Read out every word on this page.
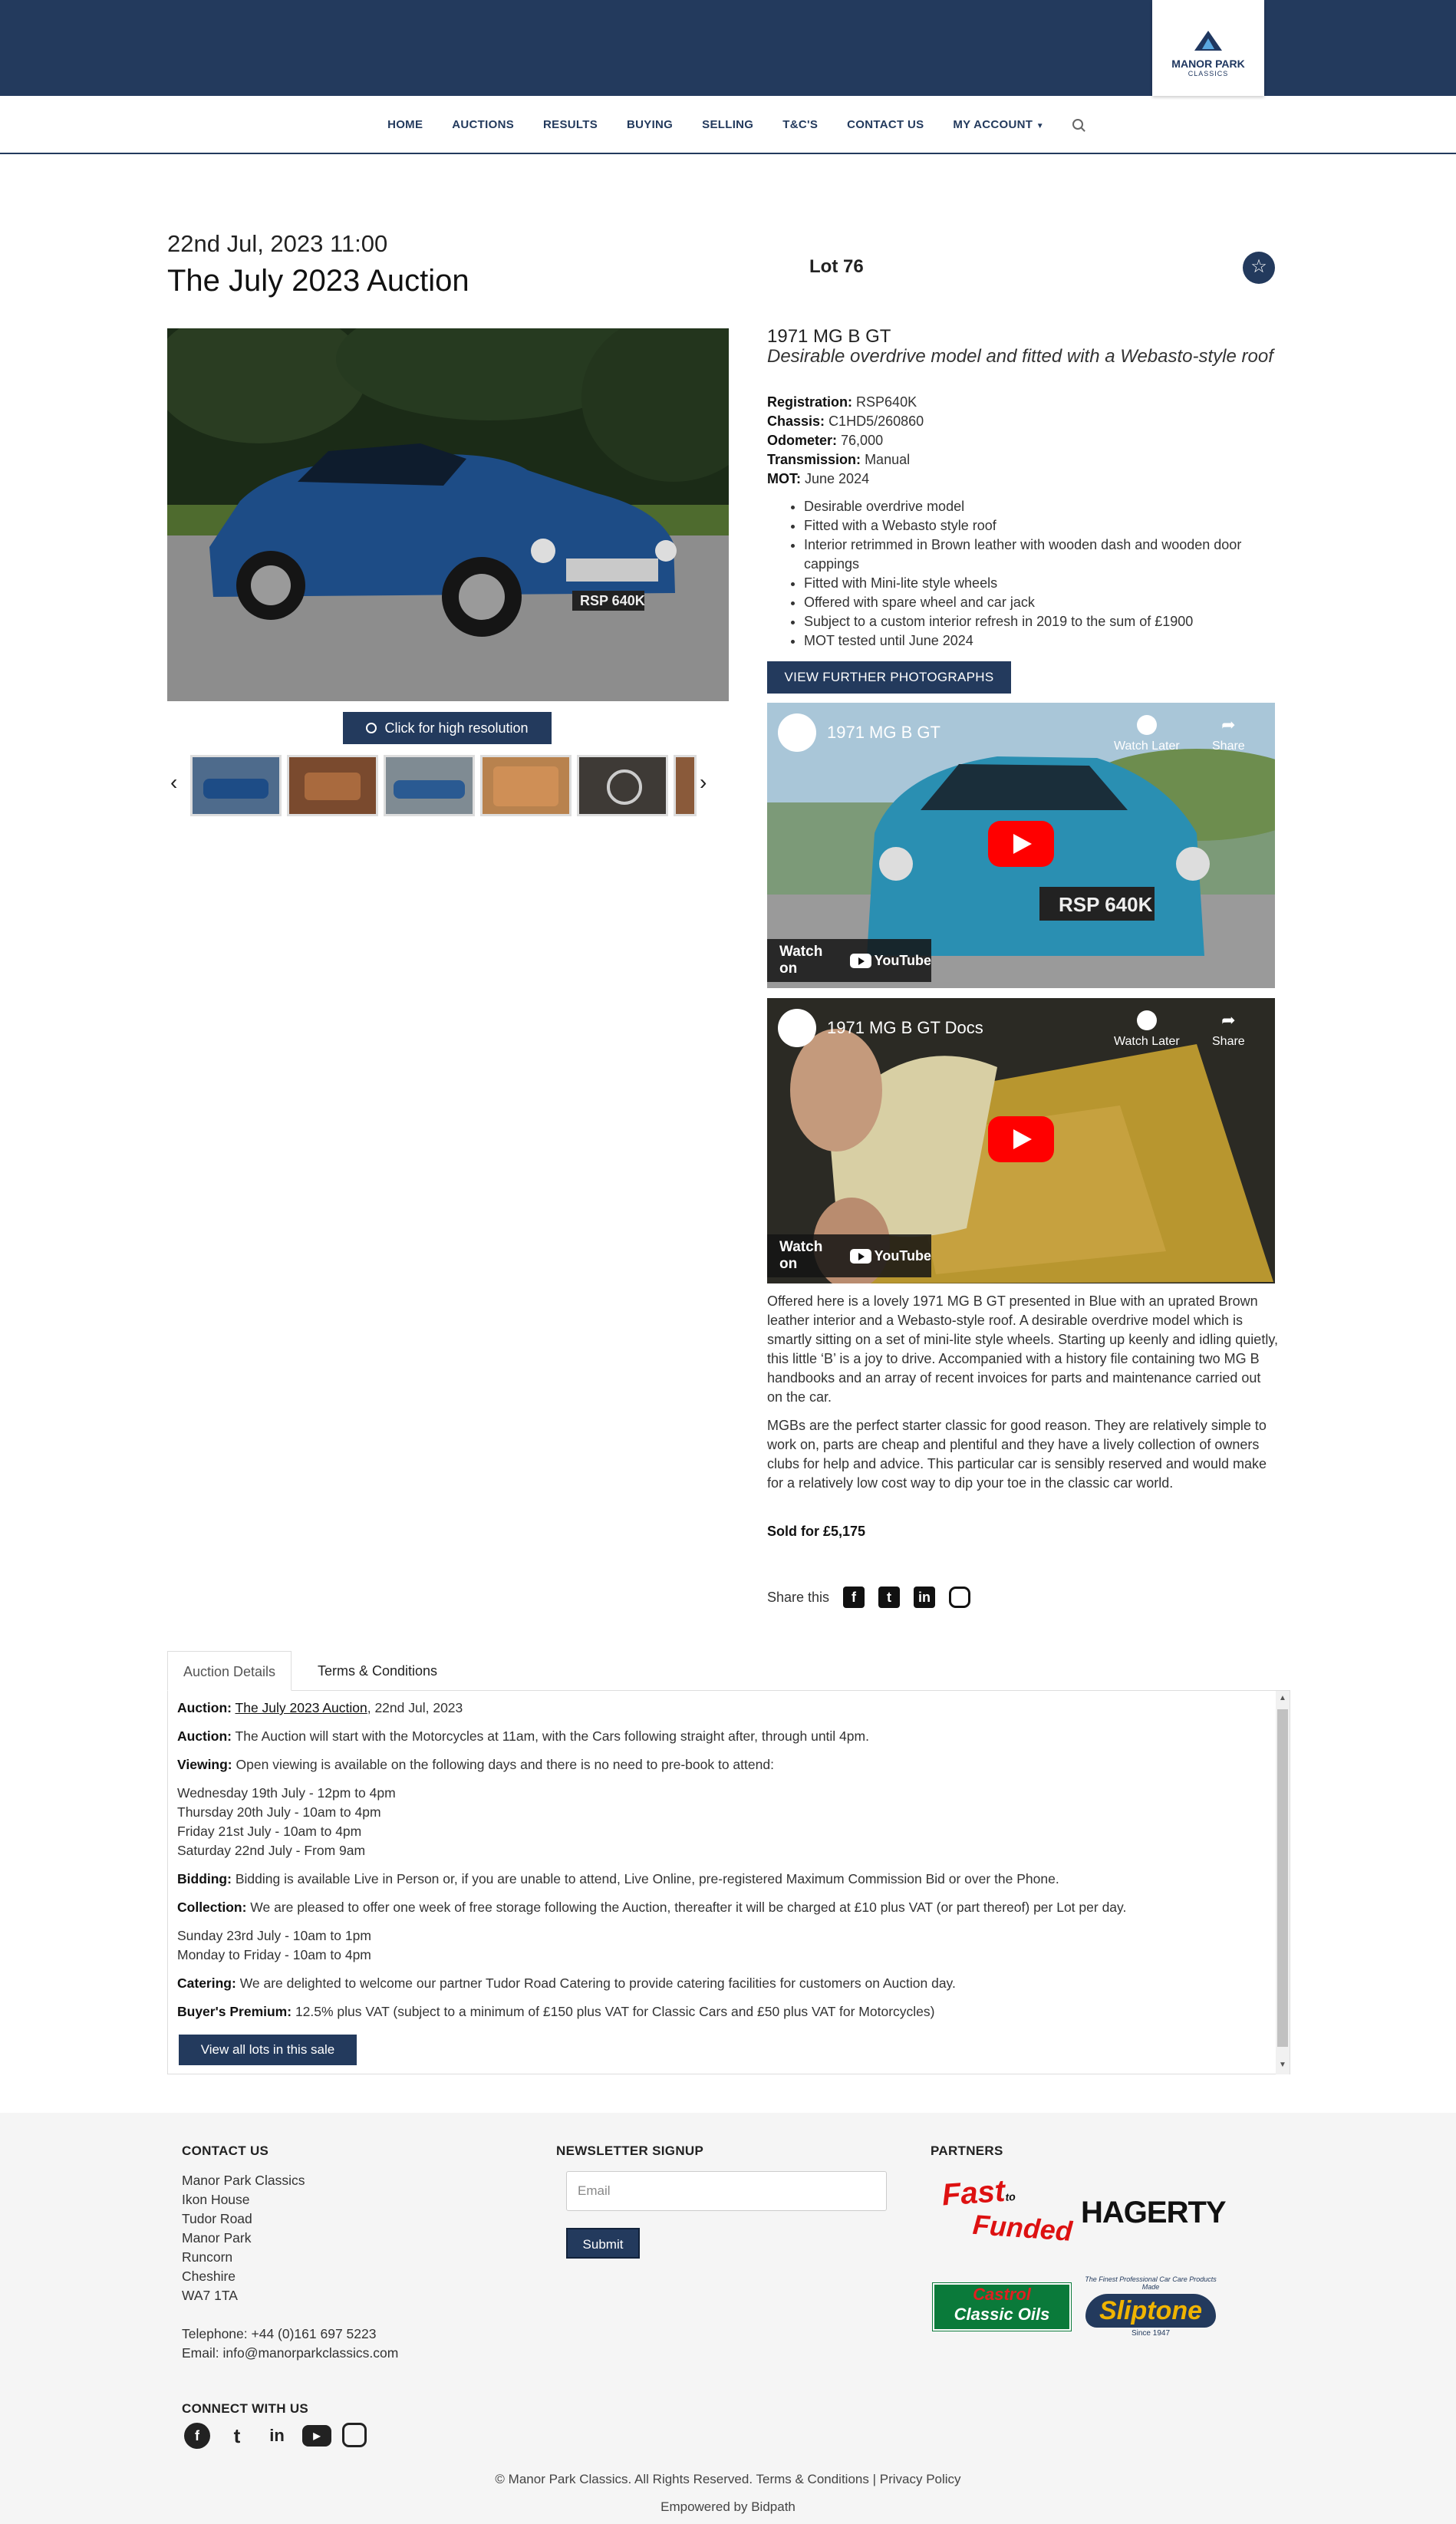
MANOR PARK
CLASSICS
HOME	AUCTIONS	RESULTS	BUYING	SELLING	T&C'S	CONTACT US	MY ACCOUNT ▼
22nd Jul, 2023 11:00
The July 2023 Auction	Lot 76	☆
RSP 640K
Click for high resolution
‹	›
1971 MG B GT
Desirable overdrive model and fitted with a Webasto-style roof
Registration: RSP640K
Chassis: C1HD5/260860
Odometer: 76,000
Transmission: Manual
MOT: June 2024
• Desirable overdrive model
• Fitted with a Webasto style roof
• Interior retrimmed in Brown leather with wooden dash and wooden door cappings
• Fitted with Mini-lite style wheels
• Offered with spare wheel and car jack
• Subject to a custom interior refresh in 2019 to the sum of £1900
• MOT tested until June 2024
VIEW FURTHER PHOTOGRAPHS
RSP 640K
1971 MG B GT
Watch Later
➦
Share
Watch on
YouTube
1971 MG B GT Docs
Watch Later
➦
Share
Watch on
YouTube

Offered here is a lovely 1971 MG B GT presented in Blue with an uprated Brown leather interior and a Webasto-style roof. A desirable overdrive model which is smartly sitting on a set of mini-lite style wheels. Starting up keenly and idling quietly, this little ‘B’ is a joy to drive. Accompanied with a history file containing two MG B handbooks and an array of recent invoices for parts and maintenance carried out on the car.

MGBs are the perfect starter classic for good reason. They are relatively simple to work on, parts are cheap and plentiful and they have a lively collection of owners clubs for help and advice. This particular car is sensibly reserved and would make for a relatively low cost way to dip your toe in the classic car world.

Sold for £5,175
Share this	f	t	in
Auction Details	Terms & Conditions

Auction: The July 2023 Auction, 22nd Jul, 2023

Auction: The Auction will start with the Motorcycles at 11am, with the Cars following straight after, through until 4pm.

Viewing: Open viewing is available on the following days and there is no need to pre-book to attend:

Wednesday 19th July - 12pm to 4pm
Thursday 20th July - 10am to 4pm
Friday 21st July - 10am to 4pm
Saturday 22nd July - From 9am

Bidding: Bidding is available Live in Person or, if you are unable to attend, Live Online, pre-registered Maximum Commission Bid or over the Phone.

Collection: We are pleased to offer one week of free storage following the Auction, thereafter it will be charged at £10 plus VAT (or part thereof) per Lot per day.

Sunday 23rd July - 10am to 1pm
Monday to Friday - 10am to 4pm

Catering: We are delighted to welcome our partner Tudor Road Catering to provide catering facilities for customers on Auction day.

Buyer's Premium: 12.5% plus VAT (subject to a minimum of £150 plus VAT for Classic Cars and £50 plus VAT for Motorcycles)

View all lots in this sale
▲
▼
CONTACT US
Manor Park Classics
Ikon House
Tudor Road
Manor Park
Runcorn
Cheshire
WA7 1TA
Telephone: +44 (0)161 697 5223
Email: info@manorparkclassics.com
NEWSLETTER SIGNUP
Email
Submit
PARTNERS
Fastto
Funded HAGERTY
Castrol
Classic Oils
The Finest Professional Car Care Products Made
Sliptone
Since 1947
CONNECT WITH US
f	t	in	▶
© Manor Park Classics. All Rights Reserved. Terms & Conditions | Privacy Policy
Empowered by Bidpath
